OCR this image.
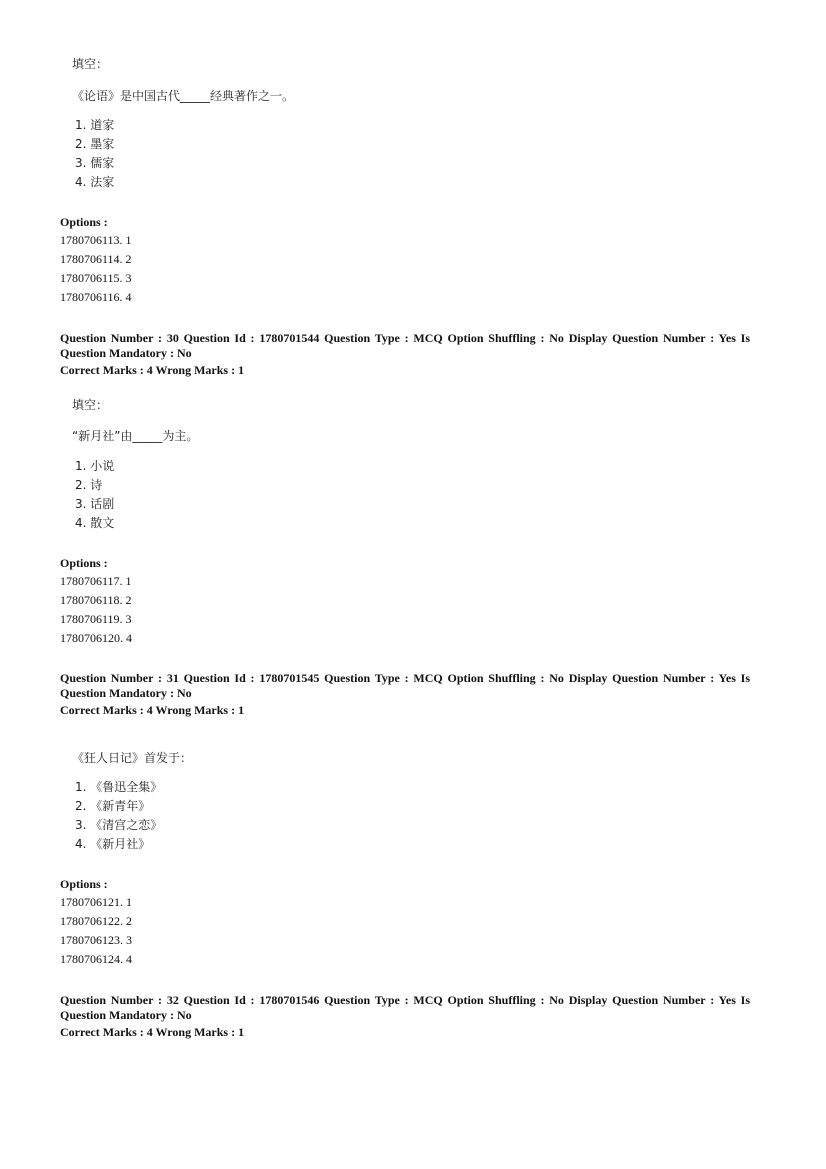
填空：
《论语》是中国古代_____经典著作之一。
1. 道家
2. 墨家
3. 儒家
4. 法家
Options :
1780706113. 1
1780706114. 2
1780706115. 3
1780706116. 4
Question Number : 30 Question Id : 1780701544 Question Type : MCQ Option Shuffling : No Display Question Number : Yes Is
Question Mandatory : No
Correct Marks : 4 Wrong Marks : 1
填空：
“新月社”由_____为主。
1. 小说
2. 诗
3. 话剧
4. 散文
Options :
1780706117. 1
1780706118. 2
1780706119. 3
1780706120. 4
Question Number : 31 Question Id : 1780701545 Question Type : MCQ Option Shuffling : No Display Question Number : Yes Is
Question Mandatory : No
Correct Marks : 4 Wrong Marks : 1
《狂人日记》首发于：
1. 《鲁迅全集》
2. 《新青年》
3. 《清宫之恋》
4. 《新月社》
Options :
1780706121. 1
1780706122. 2
1780706123. 3
1780706124. 4
Question Number : 32 Question Id : 1780701546 Question Type : MCQ Option Shuffling : No Display Question Number : Yes Is
Question Mandatory : No
Correct Marks : 4 Wrong Marks : 1
